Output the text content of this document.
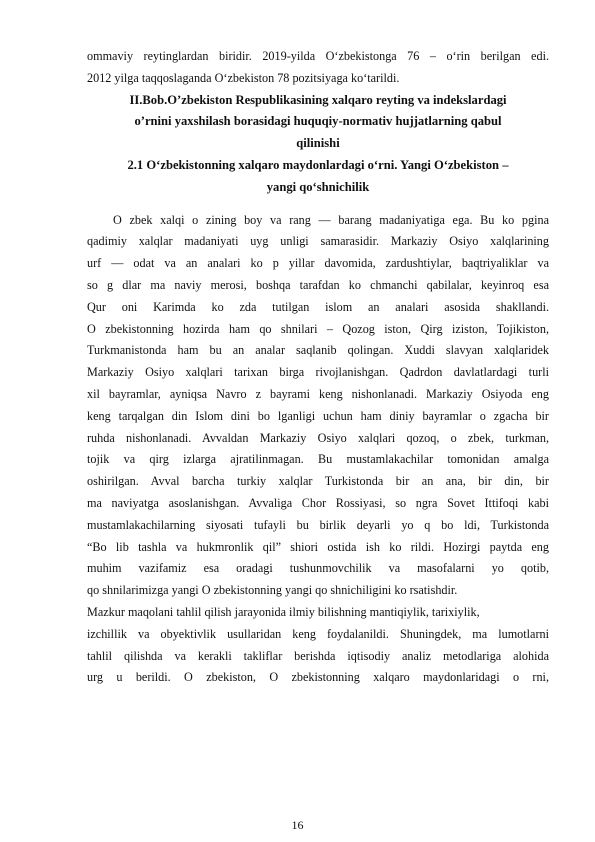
ommaviy reytinglardan biridir. 2019-yilda O‘zbekistonga 76 – o‘rin berilgan edi.
2012 yilga taqqoslaganda O‘zbekiston 78 pozitsiyaga ko‘tarildi.
II.Bob.O’zbekiston Respublikasining xalqaro reyting va indekslardagi
o’rnini yaxshilash borasidagi huquqiy-normativ hujjatlarning qabul
qilinishi
2.1 O‘zbekistonning xalqaro maydonlardagi o‘rni. Yangi O‘zbekiston –
yangi qo‘shnichilik
O zbek xalqi o zining boy va rang — barang madaniyatiga ega. Bu ko pgina
qadimiy xalqlar madaniyati uyg unligi samarasidir. Markaziy Osiyo xalqlarining
urf — odat va an analari ko p yillar davomida, zardushtiylar, baqtriyaliklar va
so g dlar ma naviy merosi, boshqa tarafdan ko chmanchi qabilalar, keyinroq esa
Qur oni Karimda ko zda tutilgan islom an analari asosida shakllandi.
O zbekistonning hozirda ham qo shnilari – Qozog iston, Qirg iziston, Tojikiston,
Turkmanistonda ham bu an analar saqlanib qolingan. Xuddi slavyan xalqlaridek
Markaziy Osiyo xalqlari tarixan birga rivojlanishgan. Qadrdon davlatlardagi turli
xil bayramlar, ayniqsa Navro z bayrami keng nishonlanadi. Markaziy Osiyoda eng
keng tarqalgan din Islom dini bo lganligi uchun ham diniy bayramlar o zgacha bir
ruhda nishonlanadi. Avvaldan Markaziy Osiyo xalqlari qozoq, o zbek, turkman,
tojik va qirg izlarga ajratilinmagan. Bu mustamlakachilar tomonidan amalga
oshirilgan. Avval barcha turkiy xalqlar Turkistonda bir an ana, bir din, bir
ma naviyatga asoslanishgan. Avvaliga Chor Rossiyasi, so ngra Sovet Ittifoqi kabi
mustamlakachilarning siyosati tufayli bu birlik deyarli yo q bo ldi, Turkistonda
“Bo lib tashla va hukmronlik qil” shiori ostida ish ko rildi. Hozirgi paytda eng
muhim vazifamiz esa oradagi tushunmovchilik va masofalarni yo qotib,
qo shnilarimizga yangi O zbekistonning yangi qo shnichiligini ko rsatishdir.
Mazkur maqolani tahlil qilish jarayonida ilmiy bilishning mantiqiylik, tarixiylik,
izchillik va obyektivlik usullaridan keng foydalanildi. Shuningdek, ma lumotlarni
tahlil qilishda va kerakli takliflar berishda iqtisodiy analiz metodlariga alohida
urg u berildi. O zbekiston, O zbekistonning xalqaro maydonlaridagi o rni,
16
